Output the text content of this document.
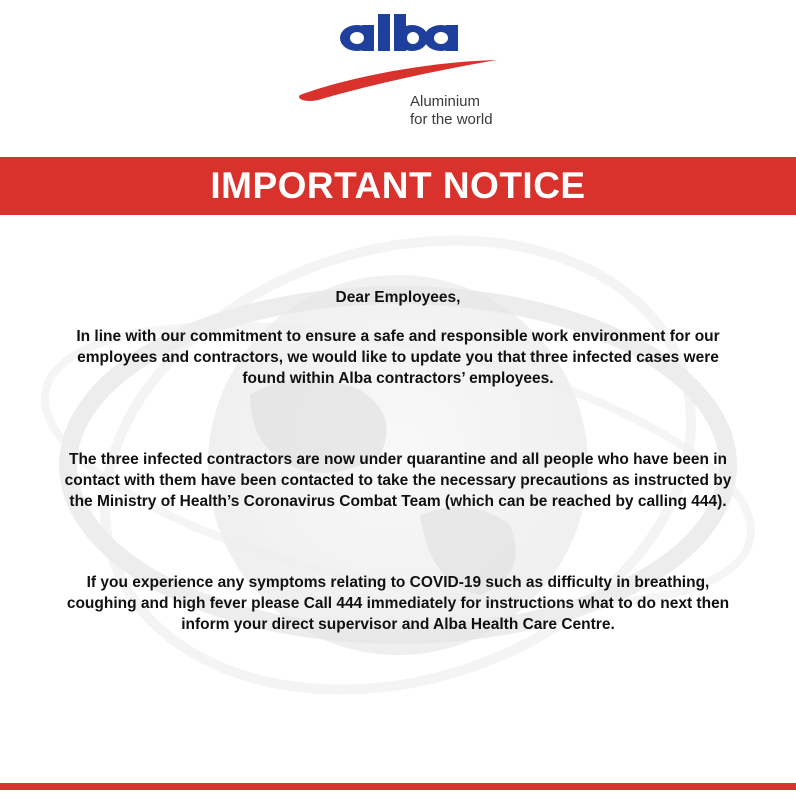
Aluminium
for the world
IMPORTANT NOTICE

Dear Employees,

In line with our commitment to ensure a safe and responsible work environment for our employees and contractors, we would like to update you that three infected cases were found within Alba contractors’ employees.

The three infected contractors are now under quarantine and all people who have been in contact with them have been contacted to take the necessary precautions as instructed by the Ministry of Health’s Coronavirus Combat Team (which can be reached by calling 444).

If you experience any symptoms relating to COVID-19 such as difficulty in breathing, coughing and high fever please Call 444 immediately for instructions what to do next then inform your direct supervisor and Alba Health Care Centre.
